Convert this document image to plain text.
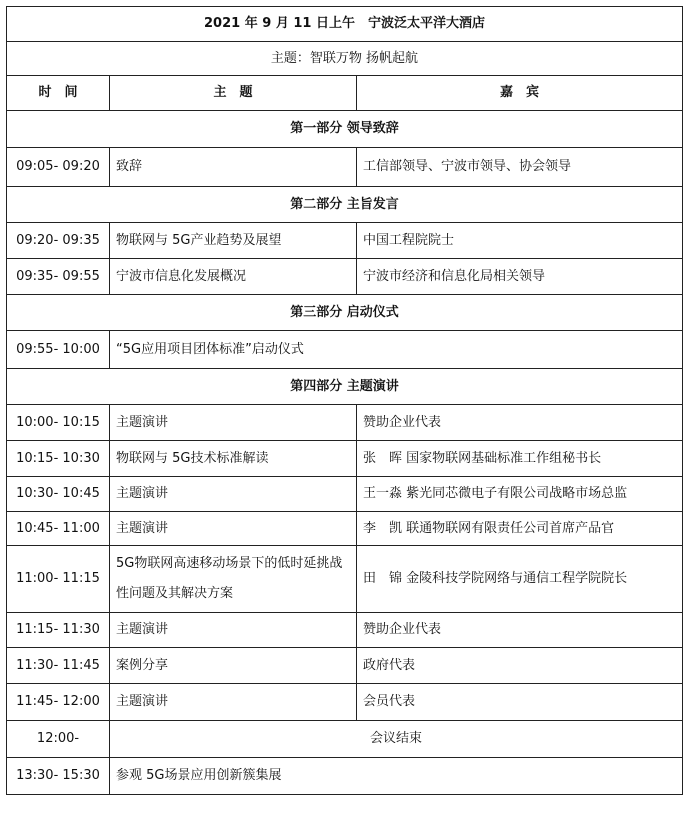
2021 年 9 月 11 日上午　宁波泛太平洋大酒店		
主题：智联万物 扬帆起航		
时　间	主　题	嘉　宾
第一部分 领导致辞		
09:05- 09:20	致辞	工信部领导、宁波市领导、协会领导
第二部分 主旨发言		
09:20- 09:35	物联网与 5G产业趋势及展望	中国工程院院士
09:35- 09:55	宁波市信息化发展概况	宁波市经济和信息化局相关领导
第三部分 启动仪式		
09:55- 10:00	“5G应用项目团体标准”启动仪式	
第四部分 主题演讲		
10:00- 10:15	主题演讲	赞助企业代表
10:15- 10:30	物联网与 5G技术标准解读	张　晖 国家物联网基础标准工作组秘书长
10:30- 10:45	主题演讲	王一淼 紫光同芯微电子有限公司战略市场总监
10:45- 11:00	主题演讲	李　凯 联通物联网有限责任公司首席产品官
11:00- 11:15	5G物联网高速移动场景下的低时延挑战性问题及其解决方案	田　锦 金陵科技学院网络与通信工程学院院长
11:15- 11:30	主题演讲	赞助企业代表
11:30- 11:45	案例分享	政府代表
11:45- 12:00	主题演讲	会员代表
12:00-	会议结束	
13:30- 15:30	参观 5G场景应用创新簇集展	
